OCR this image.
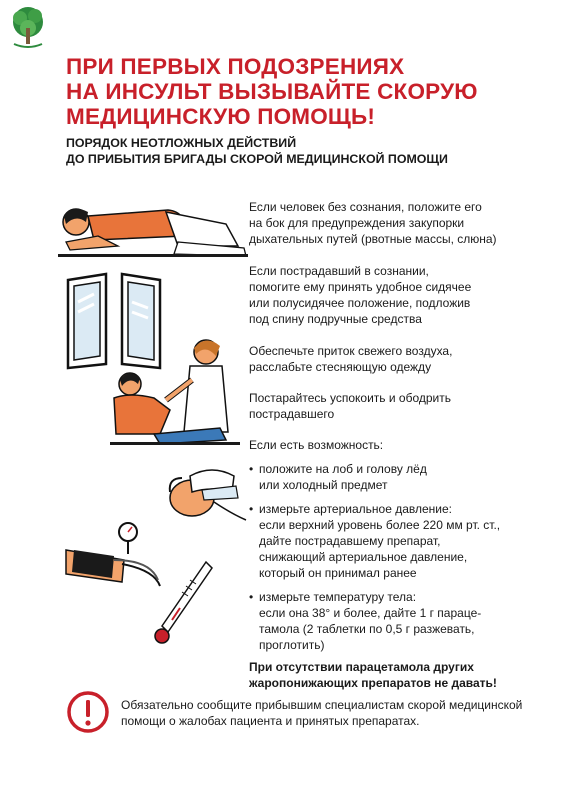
ПРИ ПЕРВЫХ ПОДОЗРЕНИЯХ
НА ИНСУЛЬТ ВЫЗЫВАЙТЕ СКОРУЮ
МЕДИЦИНСКУЮ ПОМОЩЬ!
ПОРЯДОК НЕОТЛОЖНЫХ ДЕЙСТВИЙ
ДО ПРИБЫТИЯ БРИГАДЫ СКОРОЙ МЕДИЦИНСКОЙ ПОМОЩИ

Если человек без сознания, положите его
на бок для предупреждения закупорки
дыхательных путей (рвотные массы, слюна)

Если пострадавший в сознании,
помогите ему принять удобное сидячее
или полусидячее положение, подложив
под спину подручные средства

Обеспечьте приток свежего воздуха,
расслабьте стесняющую одежду

Постарайтесь успокоить и ободрить
пострадавшего

Если есть возможность:

• положите на лоб и голову лёд
или холодный предмет
• измерьте артериальное давление:
если верхний уровень более 220 мм рт. ст.,
дайте пострадавшему препарат,
снижающий артериальное давление,
который он принимал ранее
• измерьте температуру тела:
если она 38° и более, дайте 1 г параце-
тамола (2 таблетки по 0,5 г разжевать,
проглотить)
При отсутствии парацетамола других
жаропонижающих препаратов не давать!
Обязательно сообщите прибывшим специалистам скорой медицинской
помощи о жалобах пациента и принятых препаратах.
